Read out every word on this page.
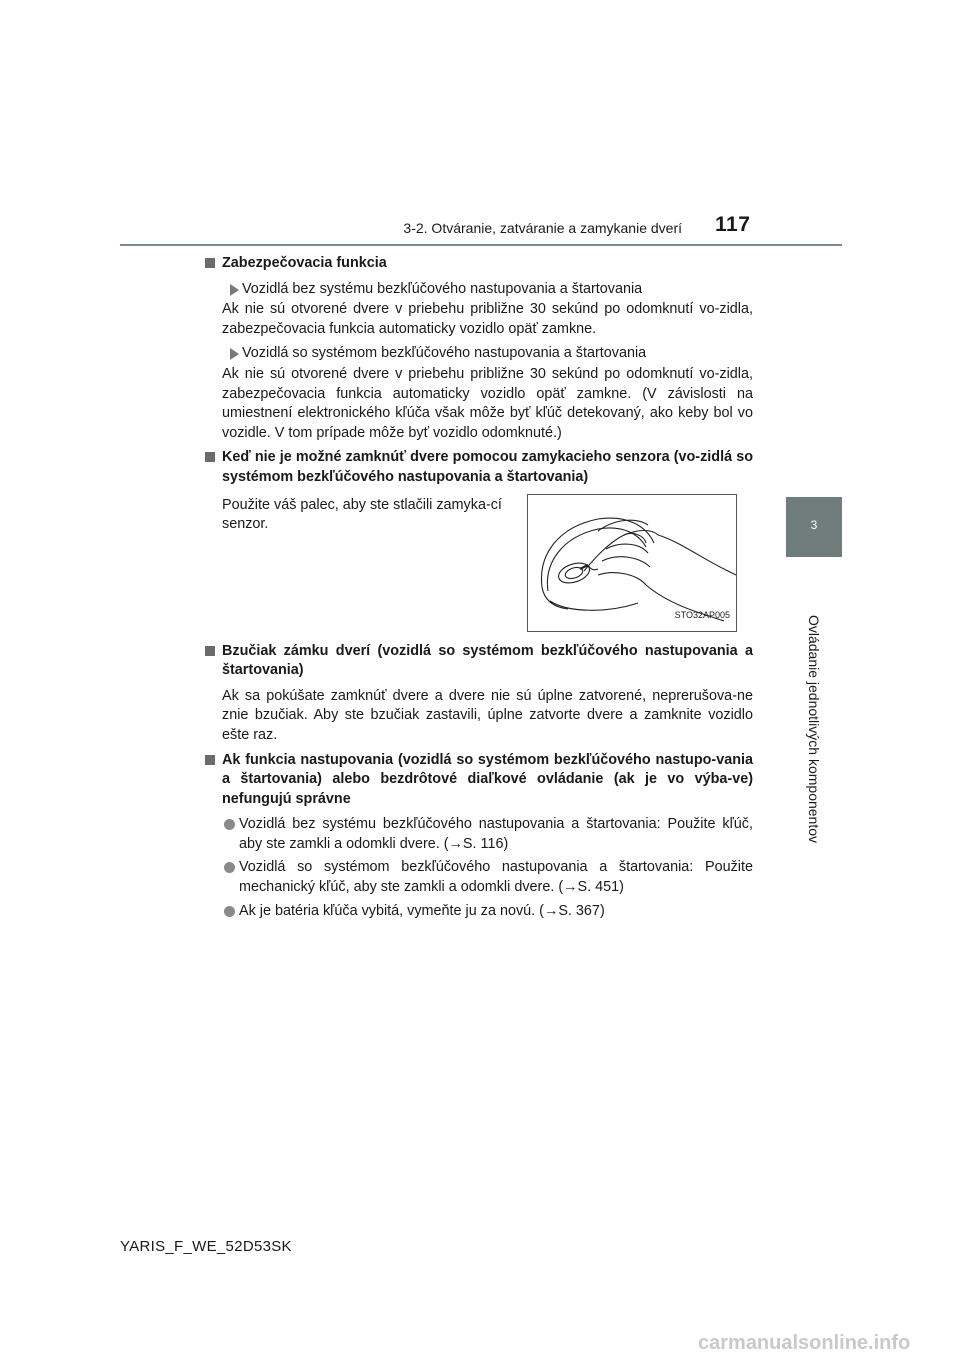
3-2. Otváranie, zatváranie a zamykanie dverí 117
3
Ovládanie jednotlivých komponentov
Zabezpečovacia funkcia
Vozidlá bez systému bezkľúčového nastupovania a štartovania
Ak nie sú otvorené dvere v priebehu približne 30 sekúnd po odomknutí vo-zidla, zabezpečovacia funkcia automaticky vozidlo opäť zamkne.
Vozidlá so systémom bezkľúčového nastupovania a štartovania
Ak nie sú otvorené dvere v priebehu približne 30 sekúnd po odomknutí vo-zidla, zabezpečovacia funkcia automaticky vozidlo opäť zamkne. (V závislosti na umiestnení elektronického kľúča však môže byť kľúč detekovaný, ako keby bol vo vozidle. V tom prípade môže byť vozidlo odomknuté.)
Keď nie je možné zamknúť dvere pomocou zamykacieho senzora (vo-zidlá so systémom bezkľúčového nastupovania a štartovania)
Použite váš palec, aby ste stlačili zamyka-cí senzor.
STO32AP005
Bzučiak zámku dverí (vozidlá so systémom bezkľúčového nastupovania a štartovania)
Ak sa pokúšate zamknúť dvere a dvere nie sú úplne zatvorené, neprerušova-ne znie bzučiak. Aby ste bzučiak zastavili, úplne zatvorte dvere a zamknite vozidlo ešte raz.
Ak funkcia nastupovania (vozidlá so systémom bezkľúčového nastupo-vania a štartovania) alebo bezdrôtové diaľkové ovládanie (ak je vo výba-ve) nefungujú správne
Vozidlá bez systému bezkľúčového nastupovania a štartovania: Použite kľúč, aby ste zamkli a odomkli dvere. (→S. 116)
Vozidlá so systémom bezkľúčového nastupovania a štartovania: Použite mechanický kľúč, aby ste zamkli a odomkli dvere. (→S. 451)
Ak je batéria kľúča vybitá, vymeňte ju za novú. (→S. 367)
YARIS_F_WE_52D53SK
carmanualsonline.info
